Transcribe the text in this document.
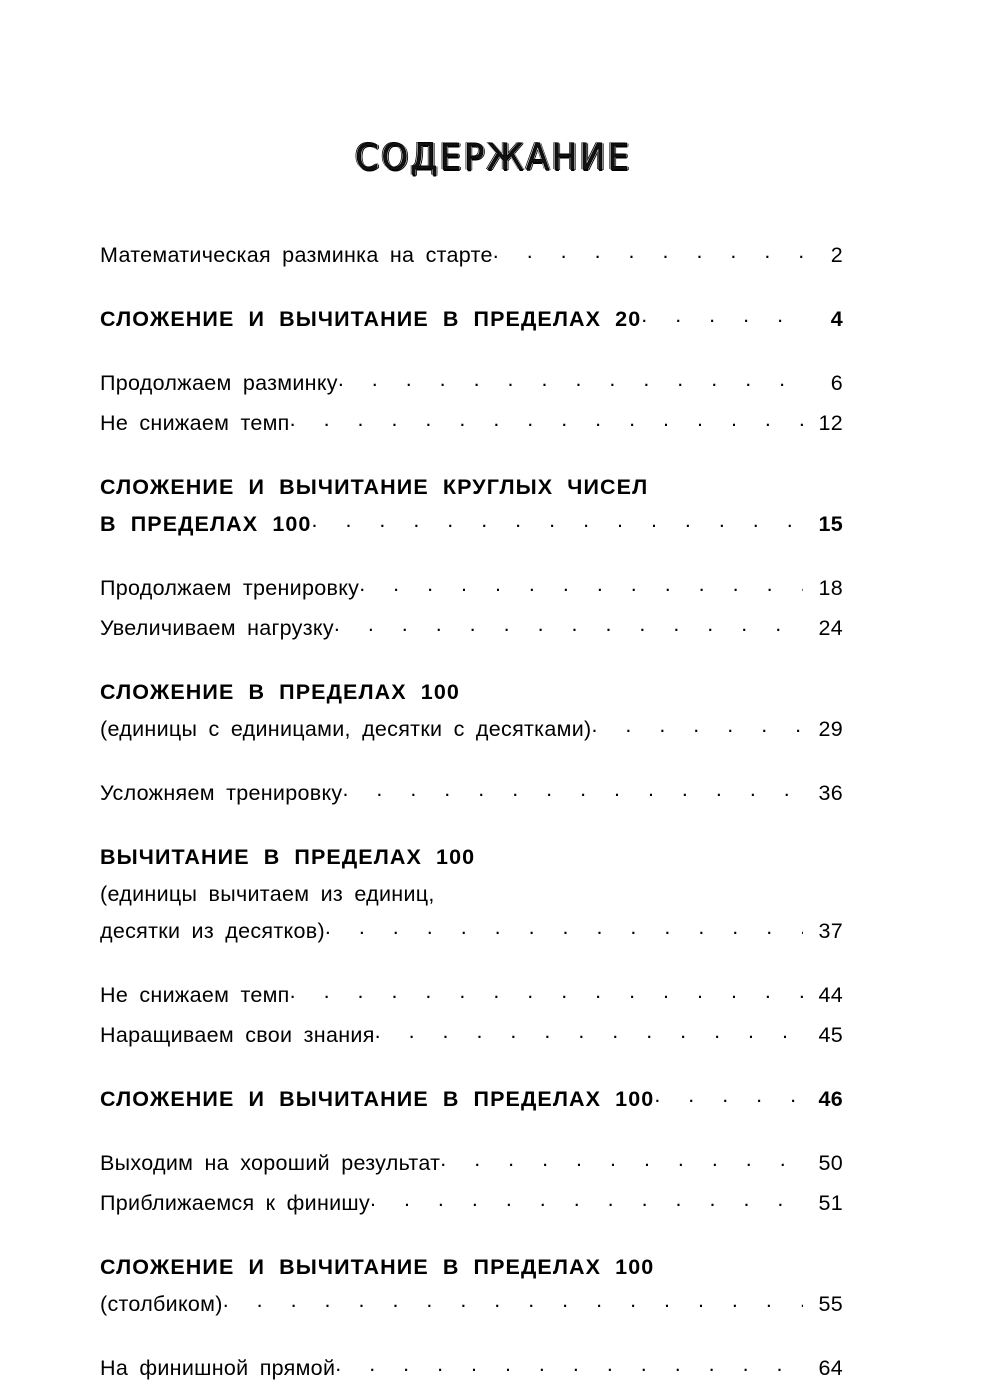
СОДЕРЖАНИЕ
Математическая разминка на старте . . .	2
СЛОЖЕНИЕ И ВЫЧИТАНИЕ В ПРЕДЕЛАХ 20 . . .	4
Продолжаем разминку . . .	6
Не снижаем темп . . .	12
СЛОЖЕНИЕ И ВЫЧИТАНИЕ КРУГЛЫХ ЧИСЕЛ
В ПРЕДЕЛАХ 100 . . .	15
Продолжаем тренировку . . .	18
Увеличиваем нагрузку . . .	24
СЛОЖЕНИЕ В ПРЕДЕЛАХ 100
(единицы с единицами, десятки с десятками) . . .	29
Усложняем тренировку . . .	36
ВЫЧИТАНИЕ В ПРЕДЕЛАХ 100
(единицы вычитаем из единиц,
десятки из десятков) . . .	37
Не снижаем темп . . .	44
Наращиваем свои знания . . .	45
СЛОЖЕНИЕ И ВЫЧИТАНИЕ В ПРЕДЕЛАХ 100 . . .	46
Выходим на хороший результат . . .	50
Приближаемся к финишу . . .	51
СЛОЖЕНИЕ И ВЫЧИТАНИЕ В ПРЕДЕЛАХ 100
(столбиком) . . .	55
На финишной прямой . . .	64
